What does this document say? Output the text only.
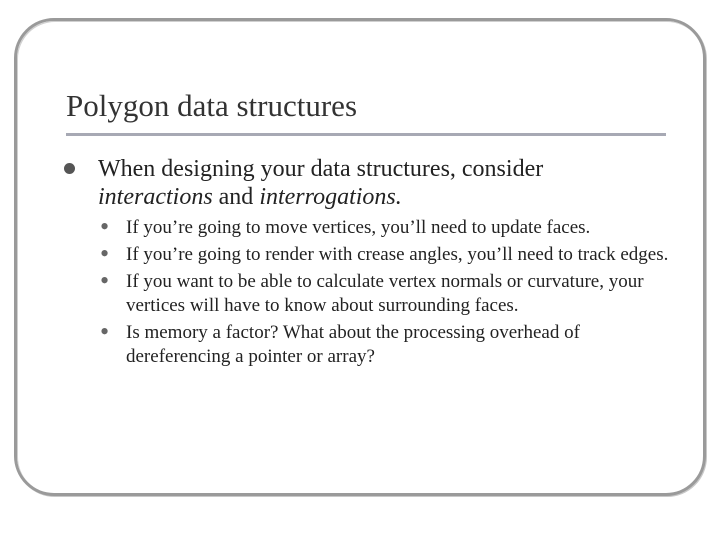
Polygon data structures
When designing your data structures, consider interactions and interrogations.
• If you’re going to move vertices, you’ll need to update faces.
• If you’re going to render with crease angles, you’ll need to track edges.
• If you want to be able to calculate vertex normals or curvature, your vertices will have to know about surrounding faces.
• Is memory a factor? What about the processing overhead of dereferencing a pointer or array?
